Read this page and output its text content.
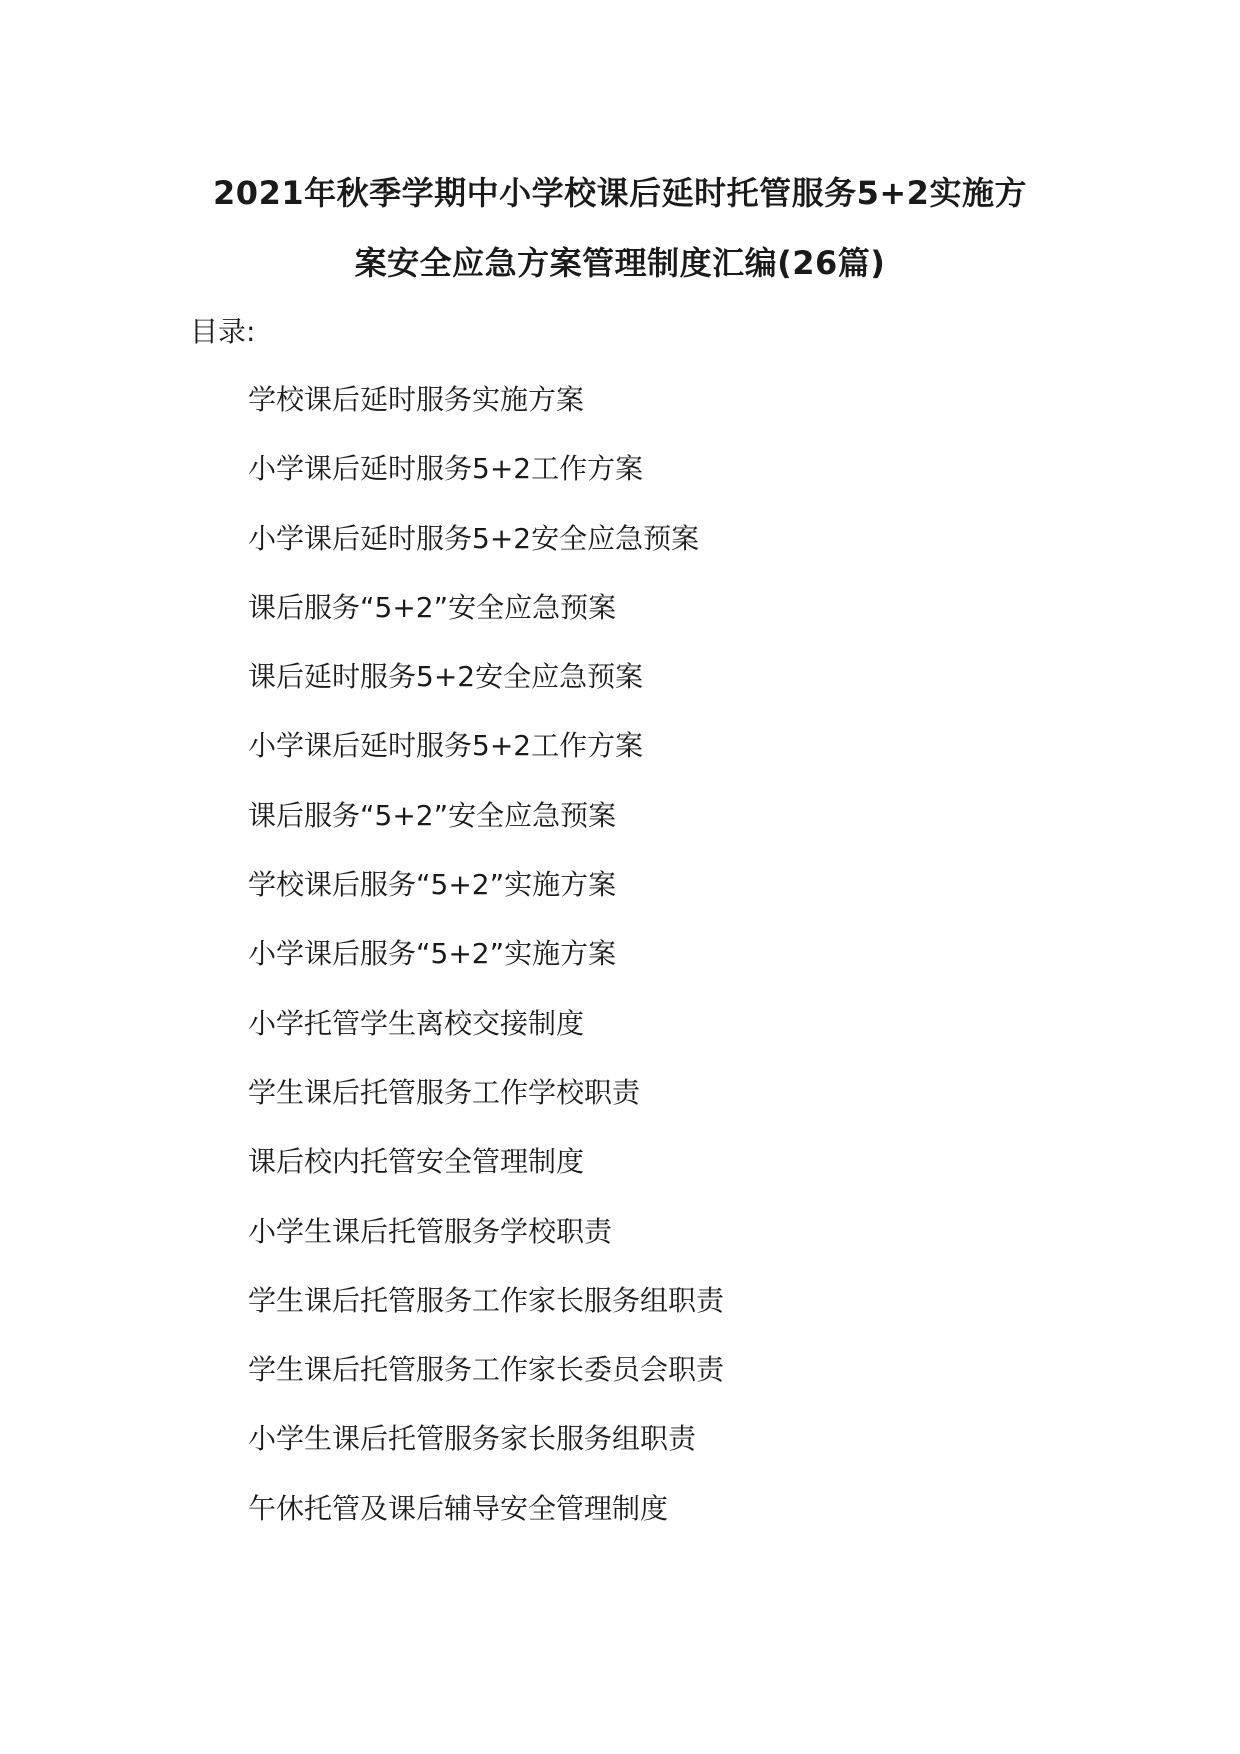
2021年秋季学期中小学校课后延时托管服务5+2实施方
案安全应急方案管理制度汇编(26篇)
目录:
学校课后延时服务实施方案
小学课后延时服务5+2工作方案
小学课后延时服务5+2安全应急预案
课后服务“5+2”安全应急预案
课后延时服务5+2安全应急预案
小学课后延时服务5+2工作方案
课后服务“5+2”安全应急预案
学校课后服务“5+2”实施方案
小学课后服务“5+2”实施方案
小学托管学生离校交接制度
学生课后托管服务工作学校职责
课后校内托管安全管理制度
小学生课后托管服务学校职责
学生课后托管服务工作家长服务组职责
学生课后托管服务工作家长委员会职责
小学生课后托管服务家长服务组职责
午休托管及课后辅导安全管理制度
